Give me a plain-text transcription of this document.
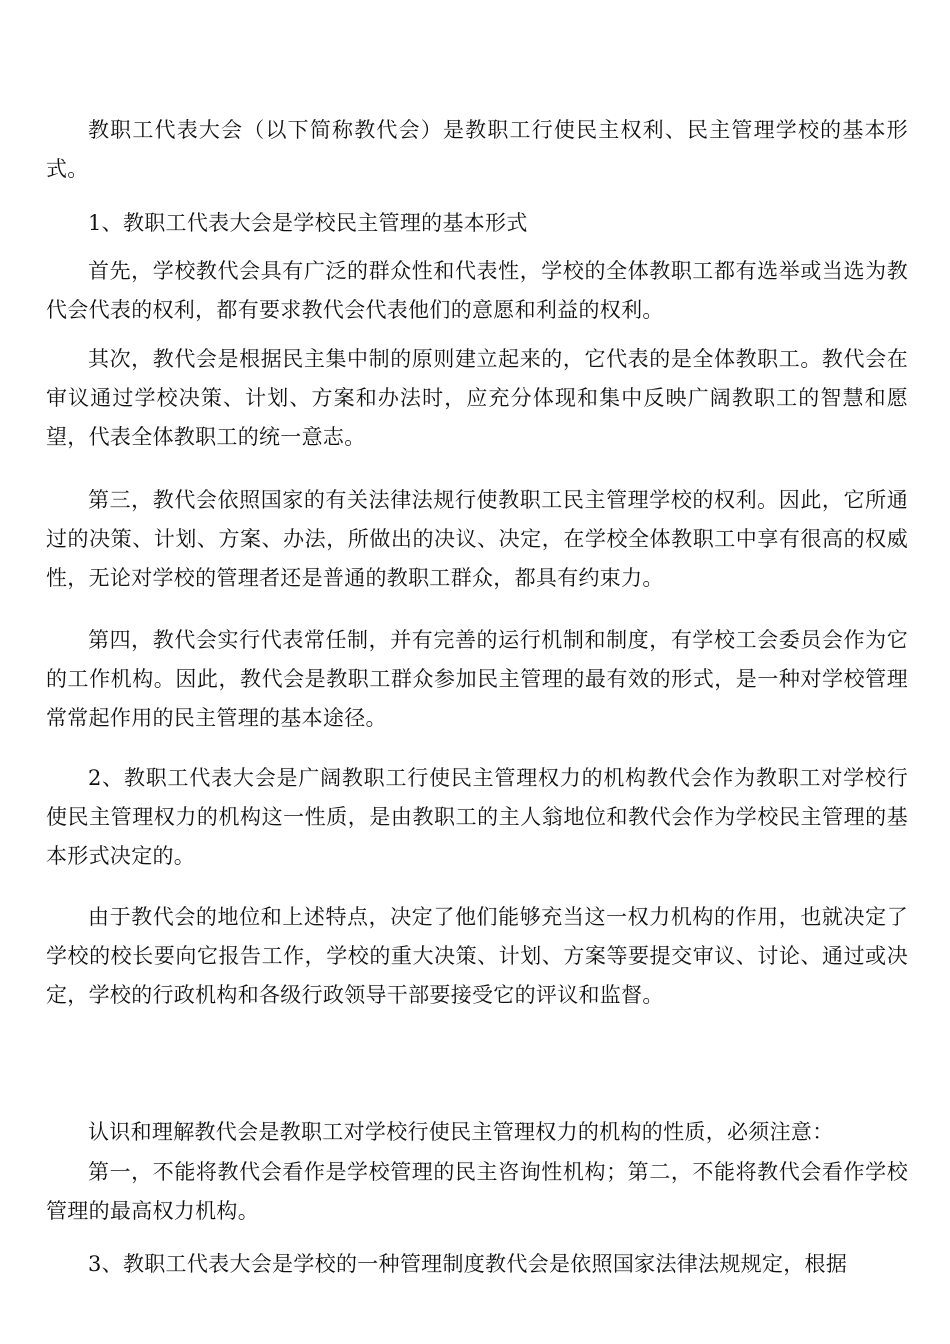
教职工代表大会（以下简称教代会）是教职工行使民主权利、民主管理学校的基本形式。

1、教职工代表大会是学校民主管理的基本形式

首先，学校教代会具有广泛的群众性和代表性，学校的全体教职工都有选举或当选为教代会代表的权利，都有要求教代会代表他们的意愿和利益的权利。

其次，教代会是根据民主集中制的原则建立起来的，它代表的是全体教职工。教代会在审议通过学校决策、计划、方案和办法时，应充分体现和集中反映广阔教职工的智慧和愿望，代表全体教职工的统一意志。

第三，教代会依照国家的有关法律法规行使教职工民主管理学校的权利。因此，它所通过的决策、计划、方案、办法，所做出的决议、决定，在学校全体教职工中享有很高的权威性，无论对学校的管理者还是普通的教职工群众，都具有约束力。

第四，教代会实行代表常任制，并有完善的运行机制和制度，有学校工会委员会作为它的工作机构。因此，教代会是教职工群众参加民主管理的最有效的形式，是一种对学校管理常常起作用的民主管理的基本途径。

2、教职工代表大会是广阔教职工行使民主管理权力的机构教代会作为教职工对学校行使民主管理权力的机构这一性质，是由教职工的主人翁地位和教代会作为学校民主管理的基本形式决定的。

由于教代会的地位和上述特点，决定了他们能够充当这一权力机构的作用，也就决定了学校的校长要向它报告工作，学校的重大决策、计划、方案等要提交审议、讨论、通过或决定，学校的行政机构和各级行政领导干部要接受它的评议和监督。

认识和理解教代会是教职工对学校行使民主管理权力的机构的性质，必须注意：

第一，不能将教代会看作是学校管理的民主咨询性机构；第二，不能将教代会看作学校管理的最高权力机构。

3、教职工代表大会是学校的一种管理制度教代会是依照国家法律法规规定，根据
